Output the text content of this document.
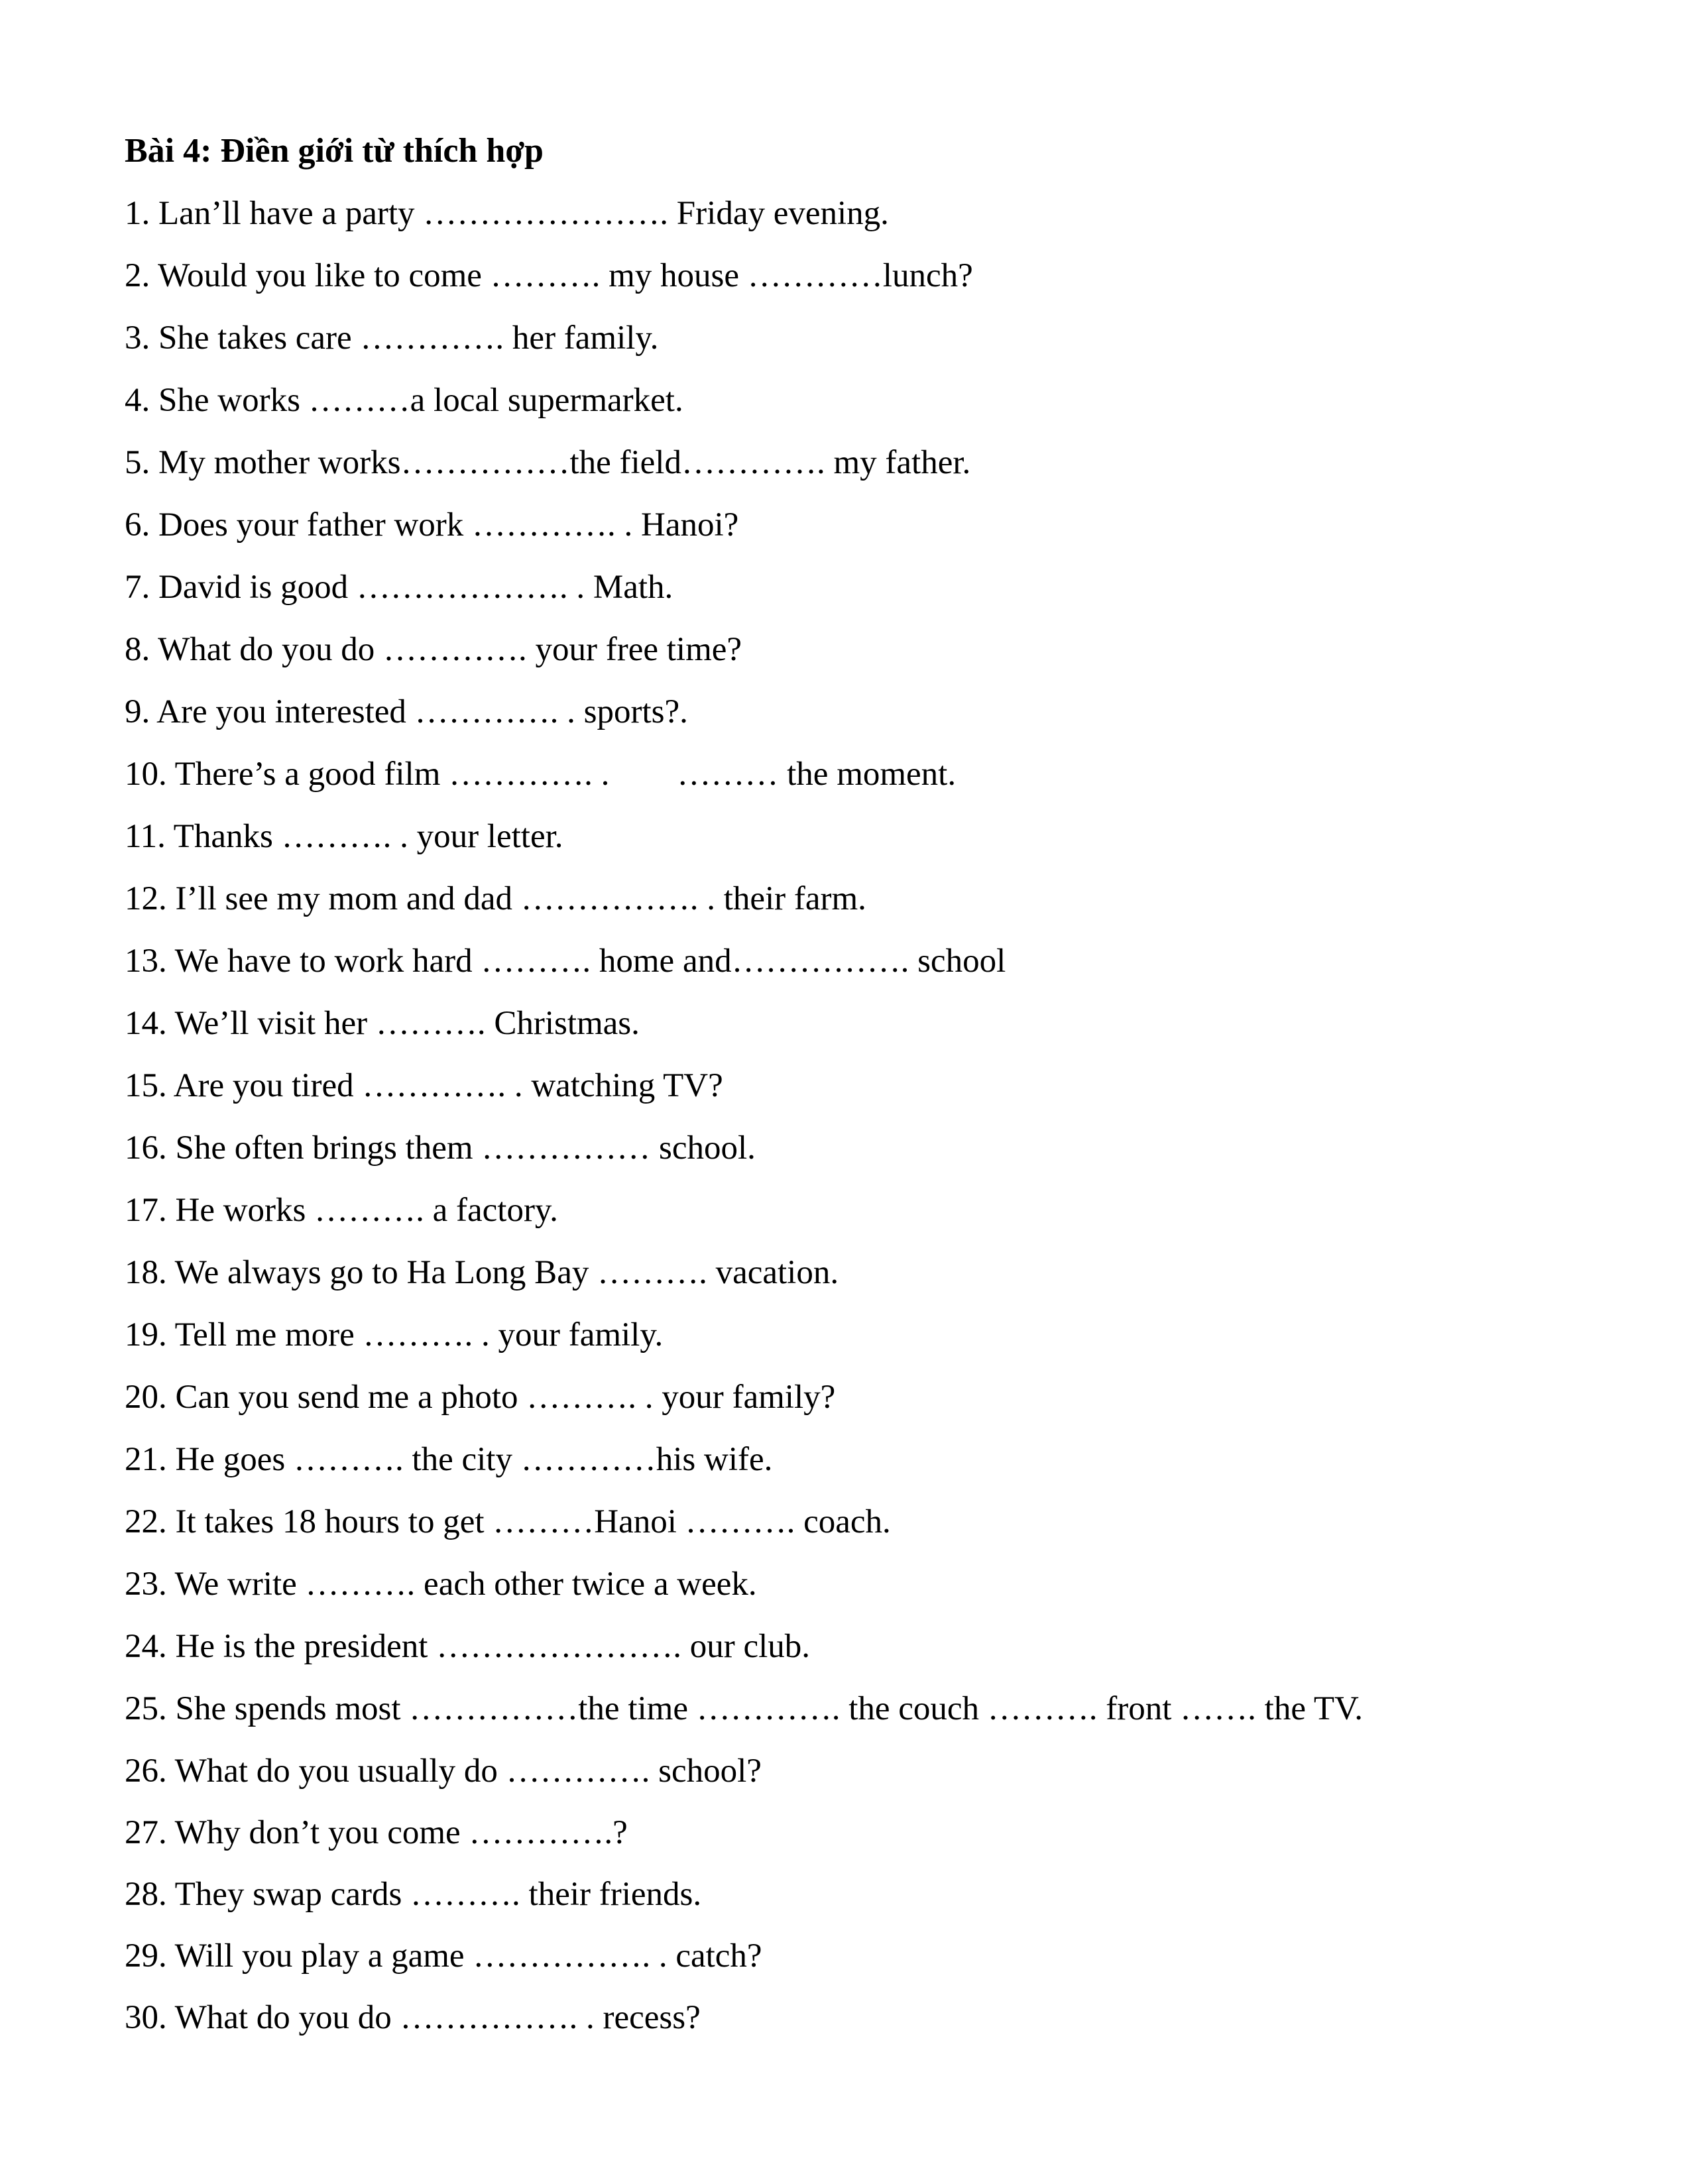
Bài 4: Điền giới từ thích hợp
1. Lan’ll have a party …………………. Friday evening.
2. Would you like to come ………. my house …………lunch?
3. She takes care …………. her family.
4. She works ………a local supermarket.
5. My mother works……………the field…………. my father.
6. Does your father work …………. . Hanoi?
7. David is good ………………. . Math.
8. What do you do …………. your free time?
9. Are you interested …………. . sports?.
10. There’s a good film …………. .        ……… the moment.
11. Thanks ………. . your letter.
12. I’ll see my mom and dad ……………. . their farm.
13. We have to work hard ………. home and……………. school
14. We’ll visit her ………. Christmas.
15. Are you tired …………. . watching TV?
16. She often brings them …………… school.
17. He works ………. a factory.
18. We always go to Ha Long Bay ………. vacation.
19. Tell me more ………. . your family.
20. Can you send me a photo ………. . your family?
21. He goes ………. the city …………his wife.
22. It takes 18 hours to get ………Hanoi ………. coach.
23. We write ………. each other twice a week.
24. He is the president …………………. our club.
25. She spends most ……………the time …………. the couch ………. front ……. the TV.
26. What do you usually do …………. school?
27. Why don’t you come ………….?
28. They swap cards ………. their friends.
29. Will you play a game ……………. . catch?
30. What do you do ……………. . recess?
